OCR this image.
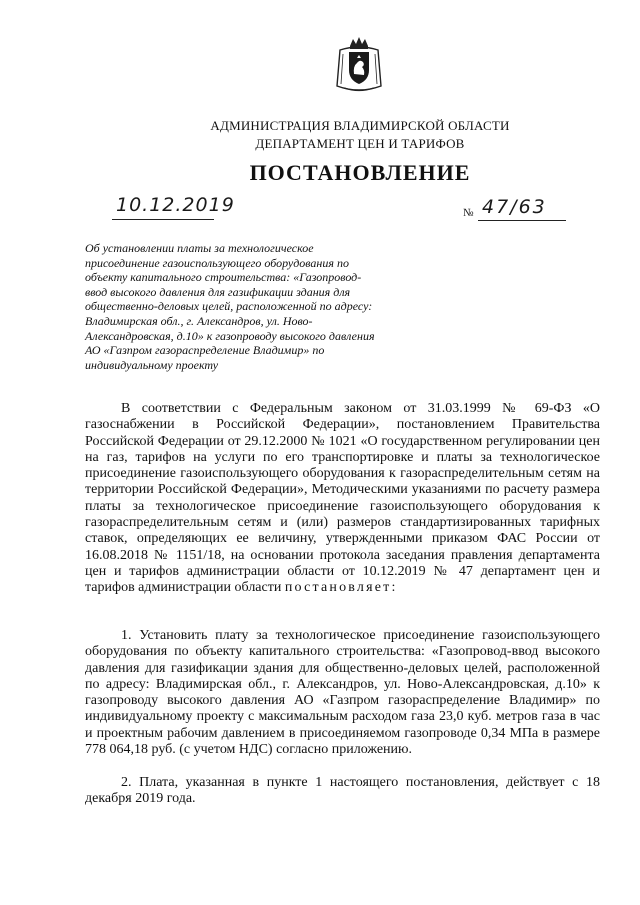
АДМИНИСТРАЦИЯ ВЛАДИМИРСКОЙ ОБЛАСТИ
ДЕПАРТАМЕНТ ЦЕН И ТАРИФОВ
ПОСТАНОВЛЕНИЕ
10.12.2019	№ 47/63

Об установлении платы за технологическое присоединение газоиспользующего оборудования по объекту капитального строительства: «Газопровод-ввод высокого давления для газификации здания для общественно-деловых целей, расположенной по адресу: Владимирская обл., г. Александров, ул. Ново-Александровская, д.10» к газопроводу высокого давления АО «Газпром газораспределение Владимир» по индивидуальному проекту

В соответствии с Федеральным законом от 31.03.1999 № 69-ФЗ «О газоснабжении в Российской Федерации», постановлением Правительства Российской Федерации от 29.12.2000 № 1021 «О государственном регулировании цен на газ, тарифов на услуги по его транспортировке и платы за технологическое присоединение газоиспользующего оборудования к газораспределительным сетям на территории Российской Федерации», Методическими указаниями по расчету размера платы за технологическое присоединение газоиспользующего оборудования к газораспределительным сетям и (или) размеров стандартизированных тарифных ставок, определяющих ее величину, утвержденными приказом ФАС России от 16.08.2018 № 1151/18, на основании протокола заседания правления департамента цен и тарифов администрации области от 10.12.2019 № 47 департамент цен и тарифов администрации области постановляет:

1. Установить плату за технологическое присоединение газоиспользующего оборудования по объекту капитального строительства: «Газопровод-ввод высокого давления для газификации здания для общественно-деловых целей, расположенной по адресу: Владимирская обл., г. Александров, ул. Ново-Александровская, д.10» к газопроводу высокого давления АО «Газпром газораспределение Владимир» по индивидуальному проекту с максимальным расходом газа 23,0 куб. метров газа в час и проектным рабочим давлением в присоединяемом газопроводе 0,34 МПа в размере 778 064,18 руб. (с учетом НДС) согласно приложению.

2. Плата, указанная в пункте 1 настоящего постановления, действует с 18 декабря 2019 года.
